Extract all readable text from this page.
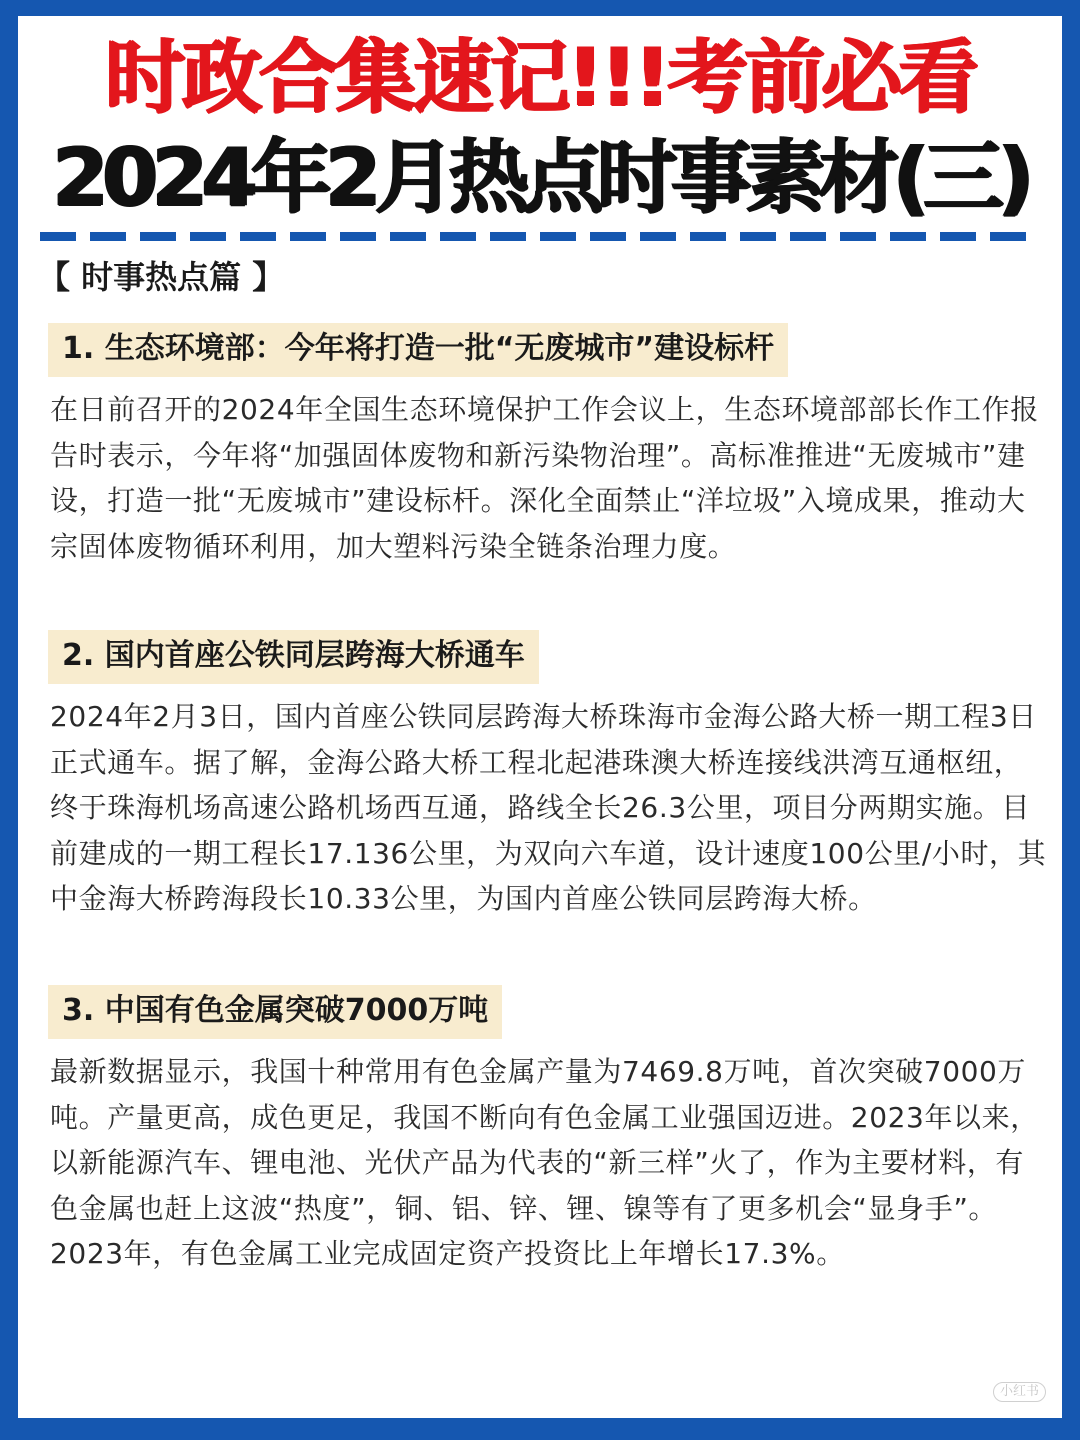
时政合集速记!!!考前必看
2024年2月热点时事素材(三)
【 时事热点篇 】
1. 生态环境部：今年将打造一批“无废城市”建设标杆

在日前召开的2024年全国生态环境保护工作会议上，生态环境部部长作工作报告时表示，今年将“加强固体废物和新污染物治理”。高标准推进“无废城市”建设，打造一批“无废城市”建设标杆。深化全面禁止“洋垃圾”入境成果，推动大宗固体废物循环利用，加大塑料污染全链条治理力度。

2. 国内首座公铁同层跨海大桥通车

2024年2月3日，国内首座公铁同层跨海大桥珠海市金海公路大桥一期工程3日正式通车。据了解，金海公路大桥工程北起港珠澳大桥连接线洪湾互通枢纽，终于珠海机场高速公路机场西互通，路线全长26.3公里，项目分两期实施。目前建成的一期工程长17.136公里，为双向六车道，设计速度100公里/小时，其中金海大桥跨海段长10.33公里，为国内首座公铁同层跨海大桥。

3. 中国有色金属突破7000万吨

最新数据显示，我国十种常用有色金属产量为7469.8万吨，首次突破7000万吨。产量更高，成色更足，我国不断向有色金属工业强国迈进。2023年以来，以新能源汽车、锂电池、光伏产品为代表的“新三样”火了，作为主要材料，有色金属也赶上这波“热度”，铜、铝、锌、锂、镍等有了更多机会“显身手”。2023年，有色金属工业完成固定资产投资比上年增长17.3%。

小红书
